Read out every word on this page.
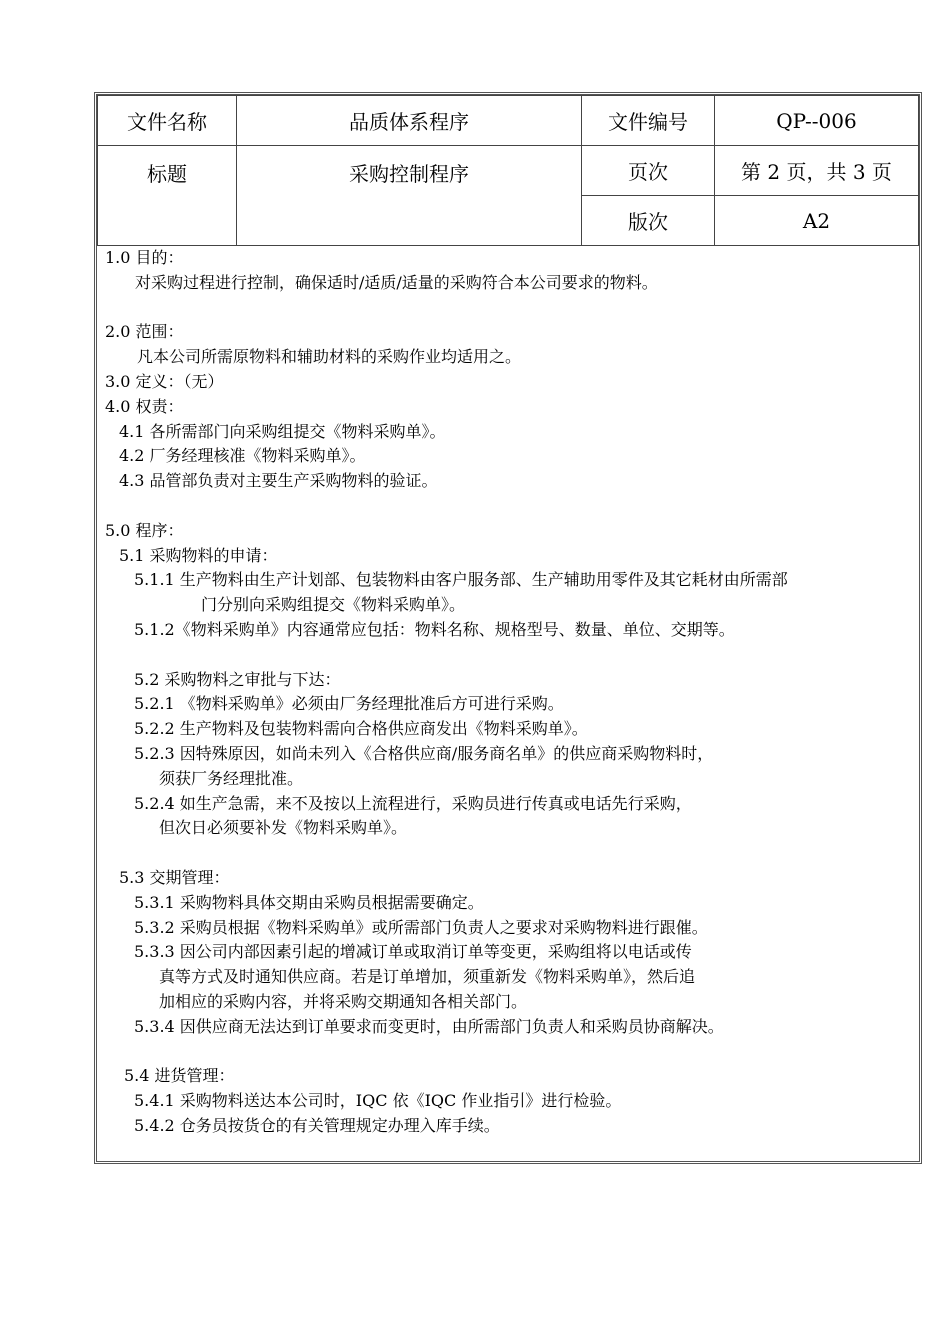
文件名称	品质体系程序	文件编号	QP--006
标题	采购控制程序	页次	第 2 页，共 3 页
		版次	A2
1.0 目的：
对采购过程进行控制，确保适时/适质/适量的采购符合本公司要求的物料。
2.0 范围：
凡本公司所需原物料和辅助材料的采购作业均适用之。
3.0 定义：（无）
4.0 权责：
4.1 各所需部门向采购组提交《物料采购单》。
4.2 厂务经理核准《物料采购单》。
4.3 品管部负责对主要生产采购物料的验证。
5.0 程序：
5.1 采购物料的申请：
5.1.1 生产物料由生产计划部、包装物料由客户服务部、生产辅助用零件及其它耗材由所需部
门分别向采购组提交《物料采购单》。
5.1.2《物料采购单》内容通常应包括：物料名称、规格型号、数量、单位、交期等。
5.2 采购物料之审批与下达：
5.2.1 《物料采购单》必须由厂务经理批准后方可进行采购。
5.2.2 生产物料及包装物料需向合格供应商发出《物料采购单》。
5.2.3 因特殊原因，如尚未列入《合格供应商/服务商名单》的供应商采购物料时，
须获厂务经理批准。
5.2.4 如生产急需，来不及按以上流程进行，采购员进行传真或电话先行采购，
但次日必须要补发《物料采购单》。
5.3 交期管理：
5.3.1 采购物料具体交期由采购员根据需要确定。
5.3.2 采购员根据《物料采购单》或所需部门负责人之要求对采购物料进行跟催。
5.3.3 因公司内部因素引起的增减订单或取消订单等变更，采购组将以电话或传
真等方式及时通知供应商。若是订单增加，须重新发《物料采购单》，然后追
加相应的采购内容，并将采购交期通知各相关部门。
5.3.4 因供应商无法达到订单要求而变更时，由所需部门负责人和采购员协商解决。
5.4 进货管理：
5.4.1 采购物料送达本公司时，IQC 依《IQC 作业指引》进行检验。
5.4.2 仓务员按货仓的有关管理规定办理入库手续。
